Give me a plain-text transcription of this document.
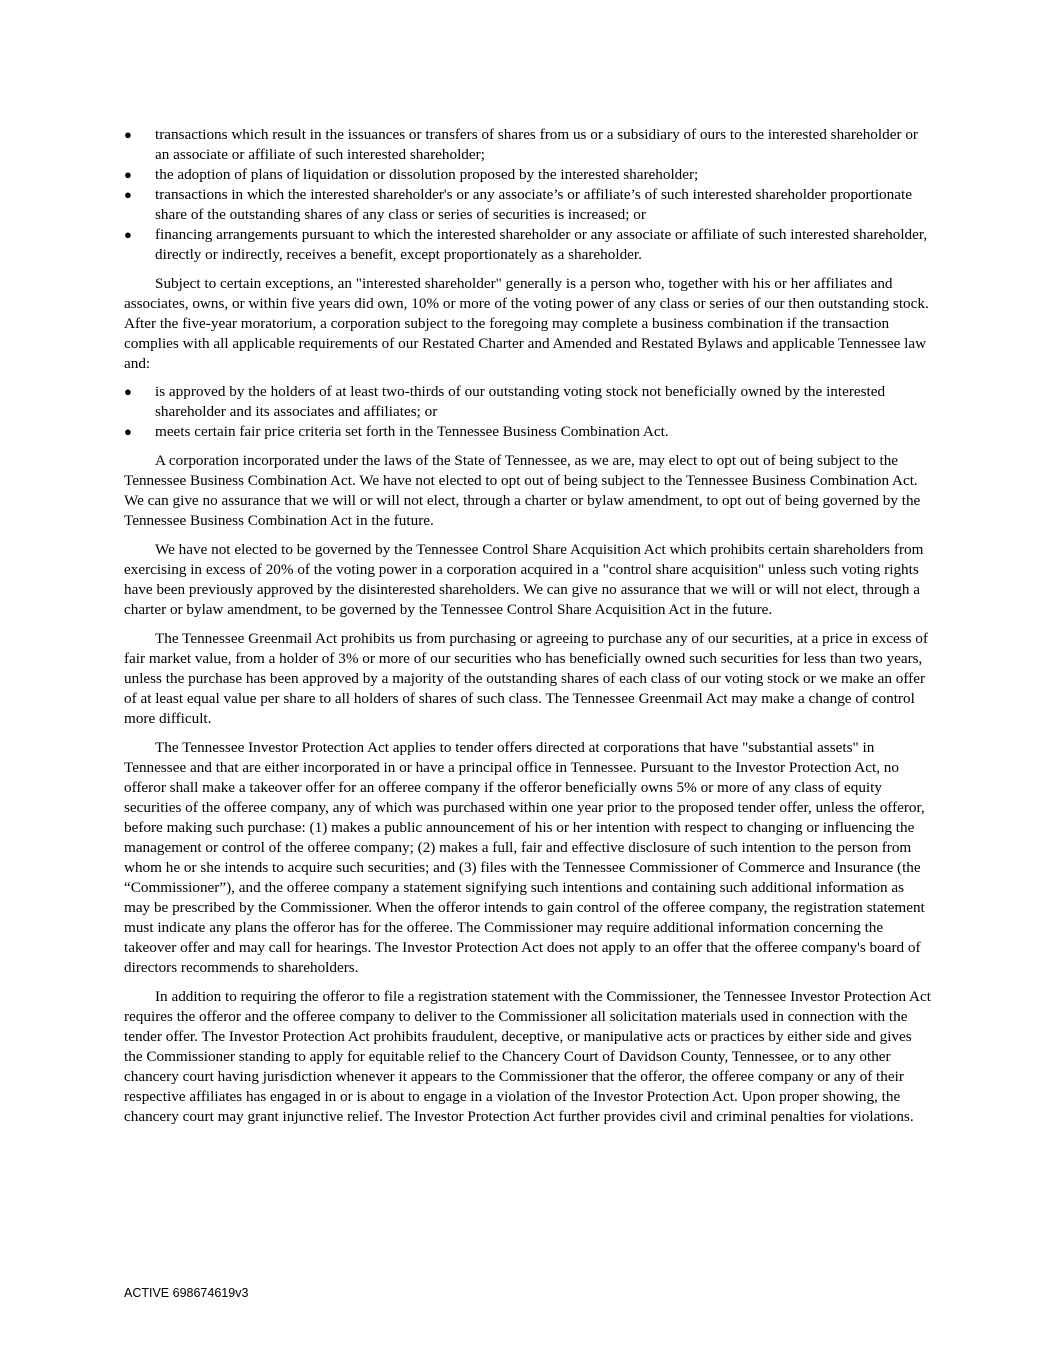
● transactions which result in the issuances or transfers of shares from us or a subsidiary of ours to the interested shareholder or an associate or affiliate of such interested shareholder;
● the adoption of plans of liquidation or dissolution proposed by the interested shareholder;
● transactions in which the interested shareholder's or any associate’s or affiliate’s of such interested shareholder proportionate share of the outstanding shares of any class or series of securities is increased; or
● financing arrangements pursuant to which the interested shareholder or any associate or affiliate of such interested shareholder, directly or indirectly, receives a benefit, except proportionately as a shareholder.

Subject to certain exceptions, an "interested shareholder" generally is a person who, together with his or her affiliates and associates, owns, or within five years did own, 10% or more of the voting power of any class or series of our then outstanding stock. After the five-year moratorium, a corporation subject to the foregoing may complete a business combination if the transaction complies with all applicable requirements of our Restated Charter and Amended and Restated Bylaws and applicable Tennessee law and:

● is approved by the holders of at least two-thirds of our outstanding voting stock not beneficially owned by the interested shareholder and its associates and affiliates; or
● meets certain fair price criteria set forth in the Tennessee Business Combination Act.

A corporation incorporated under the laws of the State of Tennessee, as we are, may elect to opt out of being subject to the Tennessee Business Combination Act. We have not elected to opt out of being subject to the Tennessee Business Combination Act. We can give no assurance that we will or will not elect, through a charter or bylaw amendment, to opt out of being governed by the Tennessee Business Combination Act in the future.

We have not elected to be governed by the Tennessee Control Share Acquisition Act which prohibits certain shareholders from exercising in excess of 20% of the voting power in a corporation acquired in a "control share acquisition" unless such voting rights have been previously approved by the disinterested shareholders. We can give no assurance that we will or will not elect, through a charter or bylaw amendment, to be governed by the Tennessee Control Share Acquisition Act in the future.

The Tennessee Greenmail Act prohibits us from purchasing or agreeing to purchase any of our securities, at a price in excess of fair market value, from a holder of 3% or more of our securities who has beneficially owned such securities for less than two years, unless the purchase has been approved by a majority of the outstanding shares of each class of our voting stock or we make an offer of at least equal value per share to all holders of shares of such class. The Tennessee Greenmail Act may make a change of control more difficult.

The Tennessee Investor Protection Act applies to tender offers directed at corporations that have "substantial assets" in Tennessee and that are either incorporated in or have a principal office in Tennessee. Pursuant to the Investor Protection Act, no offeror shall make a takeover offer for an offeree company if the offeror beneficially owns 5% or more of any class of equity securities of the offeree company, any of which was purchased within one year prior to the proposed tender offer, unless the offeror, before making such purchase: (1) makes a public announcement of his or her intention with respect to changing or influencing the management or control of the offeree company; (2) makes a full, fair and effective disclosure of such intention to the person from whom he or she intends to acquire such securities; and (3) files with the Tennessee Commissioner of Commerce and Insurance (the “Commissioner”), and the offeree company a statement signifying such intentions and containing such additional information as may be prescribed by the Commissioner. When the offeror intends to gain control of the offeree company, the registration statement must indicate any plans the offeror has for the offeree. The Commissioner may require additional information concerning the takeover offer and may call for hearings. The Investor Protection Act does not apply to an offer that the offeree company's board of directors recommends to shareholders.

In addition to requiring the offeror to file a registration statement with the Commissioner, the Tennessee Investor Protection Act requires the offeror and the offeree company to deliver to the Commissioner all solicitation materials used in connection with the tender offer. The Investor Protection Act prohibits fraudulent, deceptive, or manipulative acts or practices by either side and gives the Commissioner standing to apply for equitable relief to the Chancery Court of Davidson County, Tennessee, or to any other chancery court having jurisdiction whenever it appears to the Commissioner that the offeror, the offeree company or any of their respective affiliates has engaged in or is about to engage in a violation of the Investor Protection Act. Upon proper showing, the chancery court may grant injunctive relief. The Investor Protection Act further provides civil and criminal penalties for violations.

ACTIVE 698674619v3
